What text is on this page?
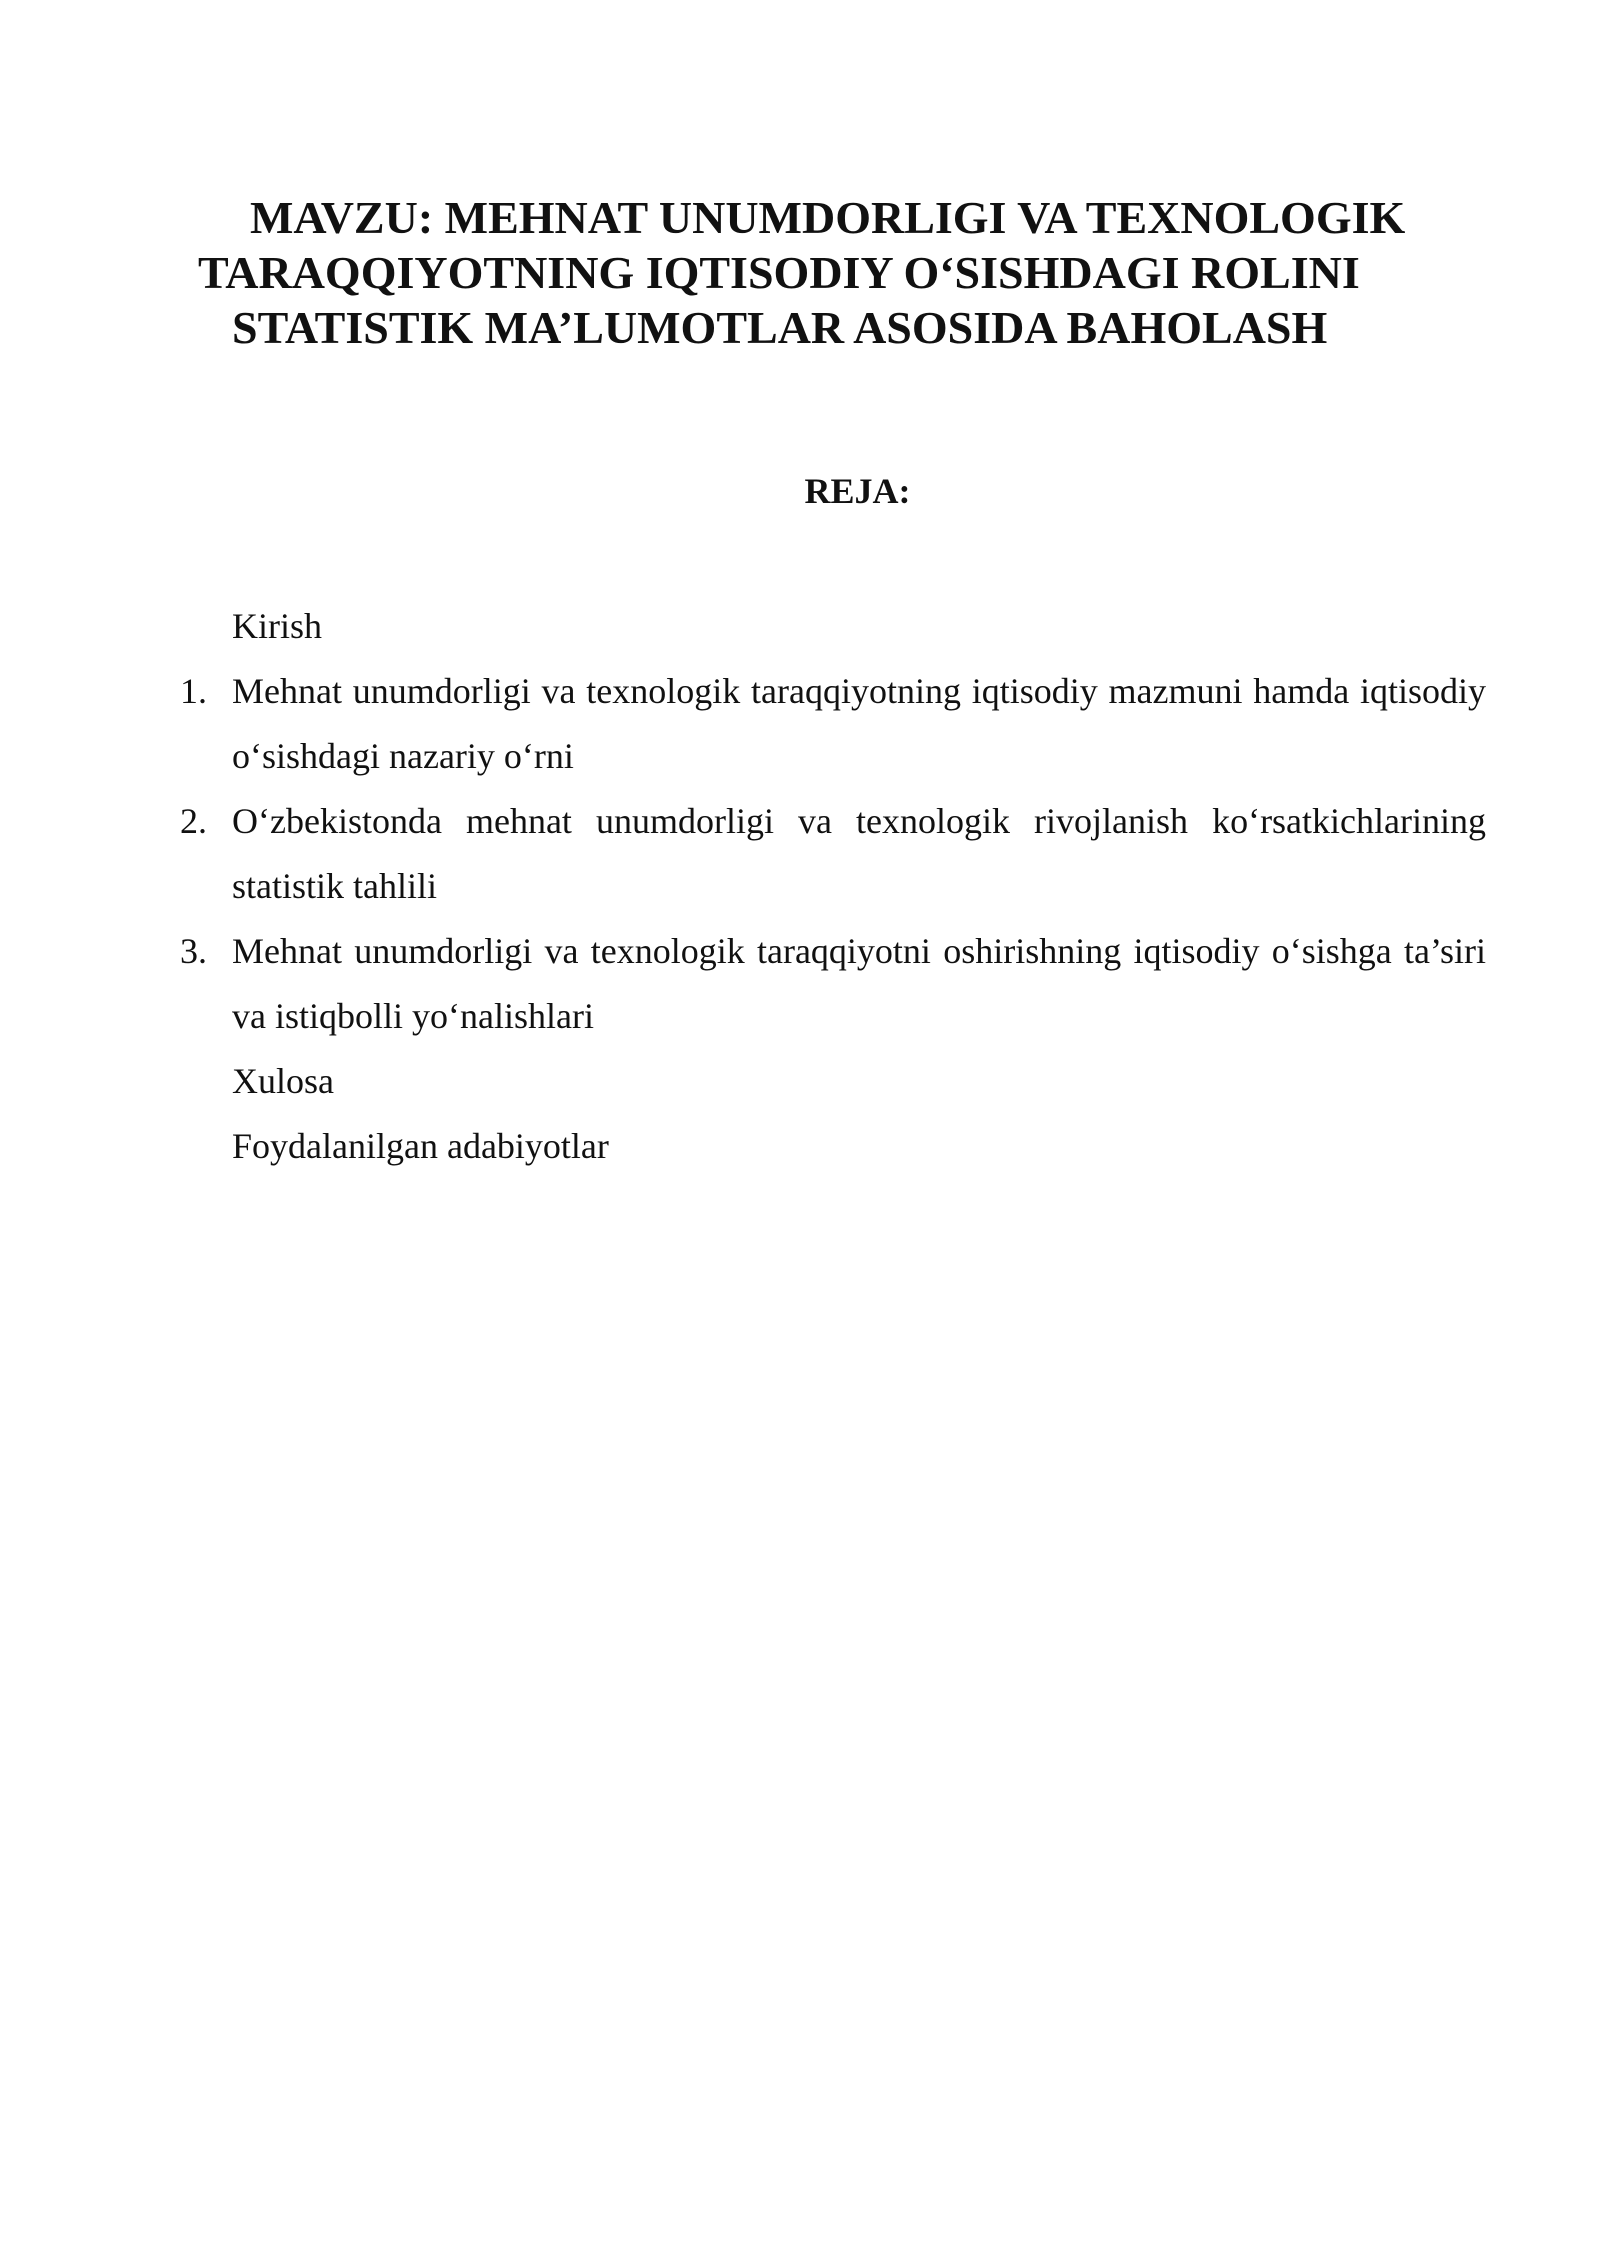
MAVZU: MEHNAT UNUMDORLIGI VA TEXNOLOGIK
TARAQQIYOTNING IQTISODIY O‘SISHDAGI ROLINI
STATISTIK MA’LUMOTLAR ASOSIDA BAHOLASH
REJA:
Kirish
1. Mehnat unumdorligi va texnologik taraqqiyotning iqtisodiy mazmuni hamda iqtisodiy o‘sishdagi nazariy o‘rni
2. O‘zbekistonda mehnat unumdorligi va texnologik rivojlanish ko‘rsatkichlarining statistik tahlili
3. Mehnat unumdorligi va texnologik taraqqiyotni oshirishning iqtisodiy o‘sishga ta’siri va istiqbolli yo‘nalishlari
Xulosa
Foydalanilgan adabiyotlar
